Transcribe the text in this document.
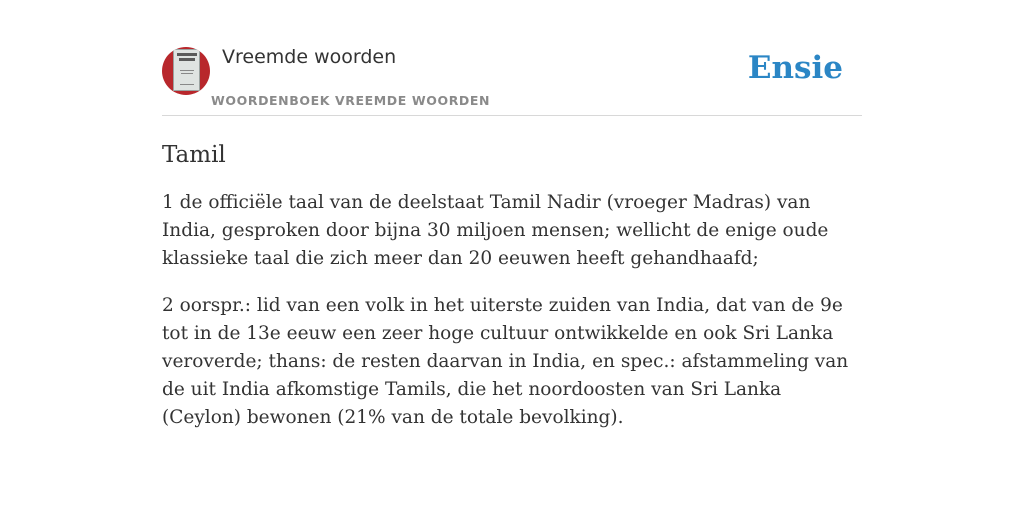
Vreemde woorden
WOORDENBOEK VREEMDE WOORDEN
Ensie
Tamil

1 de officiële taal van de deelstaat Tamil Nadir (vroeger Madras) van India, gesproken door bijna 30 miljoen mensen; wellicht de enige oude klassieke taal die zich meer dan 20 eeuwen heeft gehandhaafd;

2 oorspr.: lid van een volk in het uiterste zuiden van India, dat van de 9e tot in de 13e eeuw een zeer hoge cultuur ontwikkelde en ook Sri Lanka veroverde; thans: de resten daarvan in India, en spec.: afstammeling van de uit India afkomstige Tamils, die het noordoosten van Sri Lanka (Ceylon) bewonen (21% van de totale bevolking).
